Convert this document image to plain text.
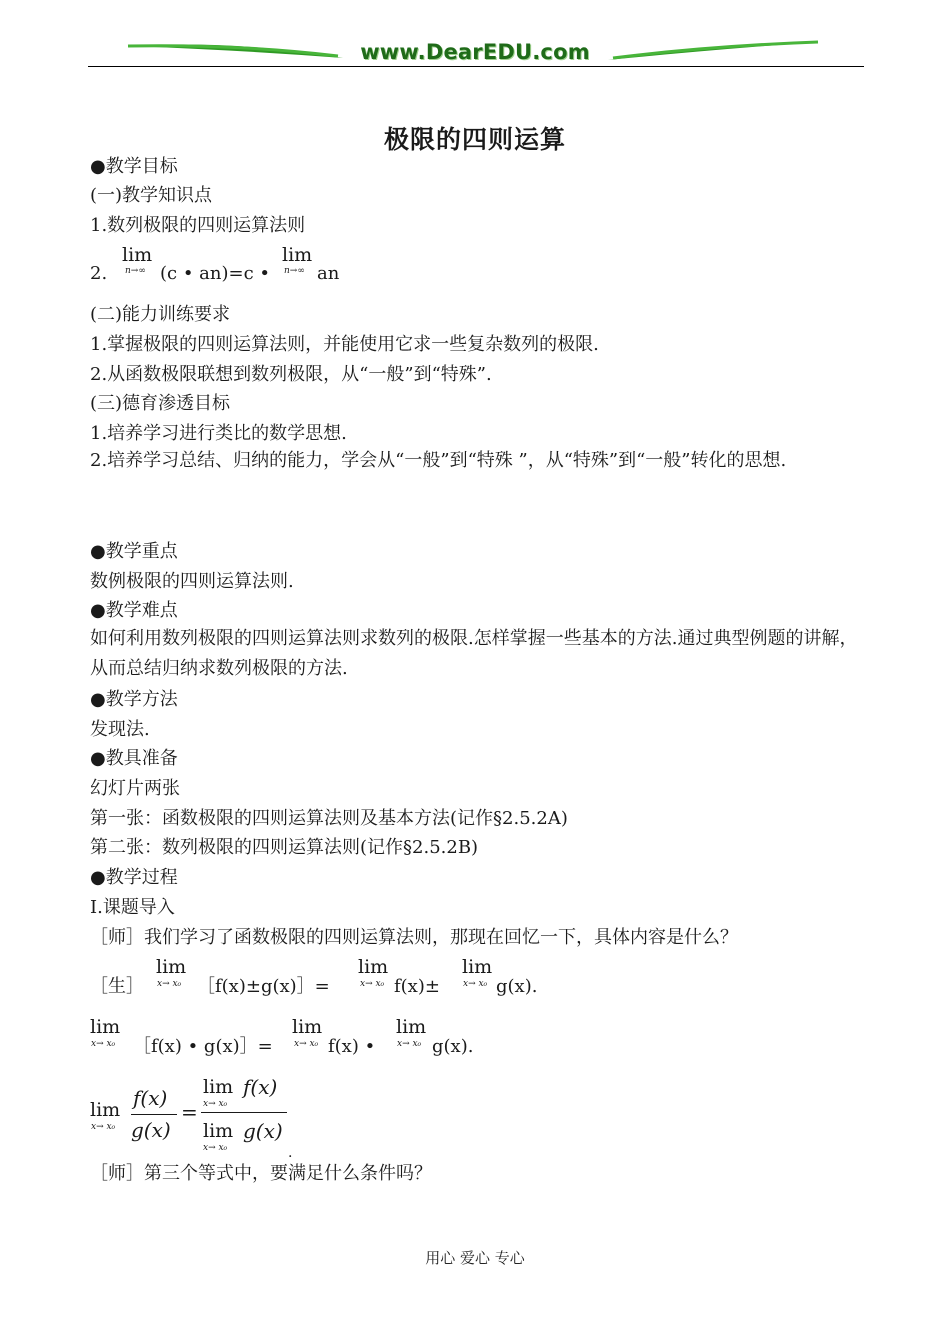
www.DearEDU.com
极限的四则运算
●教学目标
(一)教学知识点
1.数列极限的四则运算法则
2.
lim
n→∞ (c • an)=c •
lim
n→∞ an
(二)能力训练要求
1.掌握极限的四则运算法则，并能使用它求一些复杂数列的极限.
2.从函数极限联想到数列极限，从“一般”到“特殊”.
(三)德育渗透目标
1.培养学习进行类比的数学思想.
2.培养学习总结、归纳的能力，学会从“一般”到“特殊 ”，从“特殊”到“一般”转化的思想.
●教学重点
数例极限的四则运算法则.
●教学难点
如何利用数列极限的四则运算法则求数列的极限.怎样掌握一些基本的方法.通过典型例题的讲解，从而总结归纳求数列极限的方法.
●教学方法
发现法.
●教具准备
幻灯片两张
第一张：函数极限的四则运算法则及基本方法(记作§2.5.2A)
第二张：数列极限的四则运算法则(记作§2.5.2B)
●教学过程
Ⅰ.课题导入
［师］我们学习了函数极限的四则运算法则，那现在回忆一下，具体内容是什么？
［生］
lim
x→ x₀ ［f(x)±g(x)］=
lim
x→ x₀ f(x)±
lim
x→ x₀ g(x).
lim
x→ x₀ ［f(x) • g(x)］=
lim
x→ x₀ f(x) •
lim
x→ x₀ g(x).
lim
x→ x₀
f(x)
g(x)
=
lim
x→ x₀
f(x)
lim
x→ x₀
g(x)
.
［师］第三个等式中，要满足什么条件吗？
用心 爱心 专心
